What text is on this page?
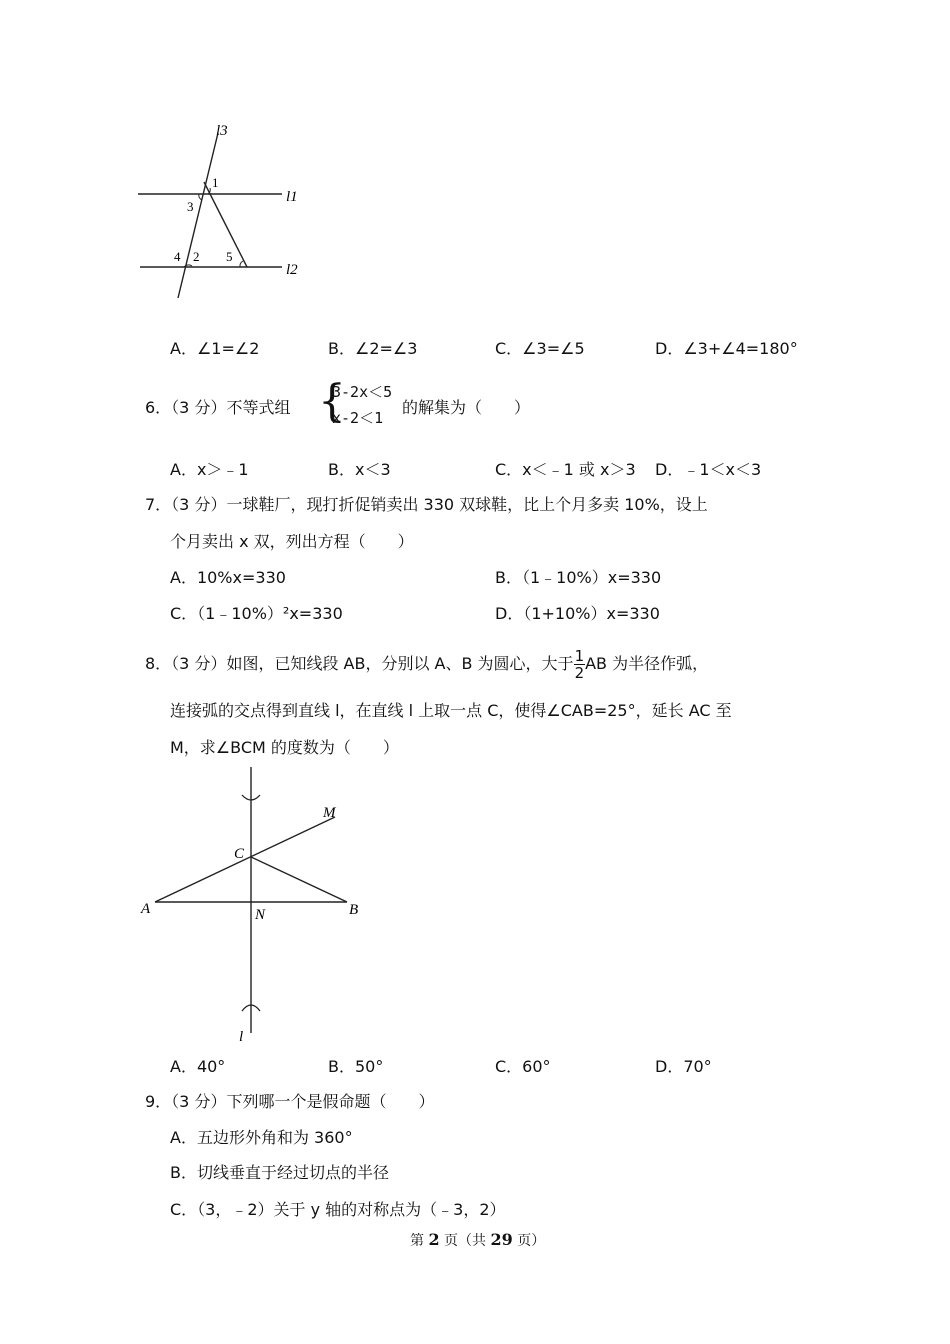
l3
1
l1
3
4 2 5
l2
A．∠1=∠2	B．∠2=∠3	C．∠3=∠5	D．∠3+∠4=180°
6．（3 分）不等式组 {
3-2x＜5
x-2＜1
的解集为（　　）
A．x＞﹣1	B．x＜3	C．x＜﹣1 或 x＞3 D．﹣1＜x＜3
7．（3 分）一球鞋厂，现打折促销卖出 330 双球鞋，比上个月多卖 10%，设上
个月卖出 x 双，列出方程（　　）
A．10%x=330	B．（1﹣10%）x=330
C．（1﹣10%）²x=330	D．（1+10%）x=330
8．（3 分）如图，已知线段 AB，分别以 A、B 为圆心，大于 $\frac{1}{2}$ AB 为半径作弧，
连接弧的交点得到直线 l，在直线 l 上取一点 C，使得∠CAB=25°，延长 AC 至
M，求∠BCM 的度数为（　　）
M
C
A	N	B
l
A．40°	B．50°	C．60°	D．70°
9．（3 分）下列哪一个是假命题（　　）
A．五边形外角和为 360°
B．切线垂直于经过切点的半径
C．（3，﹣2）关于 y 轴的对称点为（﹣3，2）
第 2 页（共 29 页）
